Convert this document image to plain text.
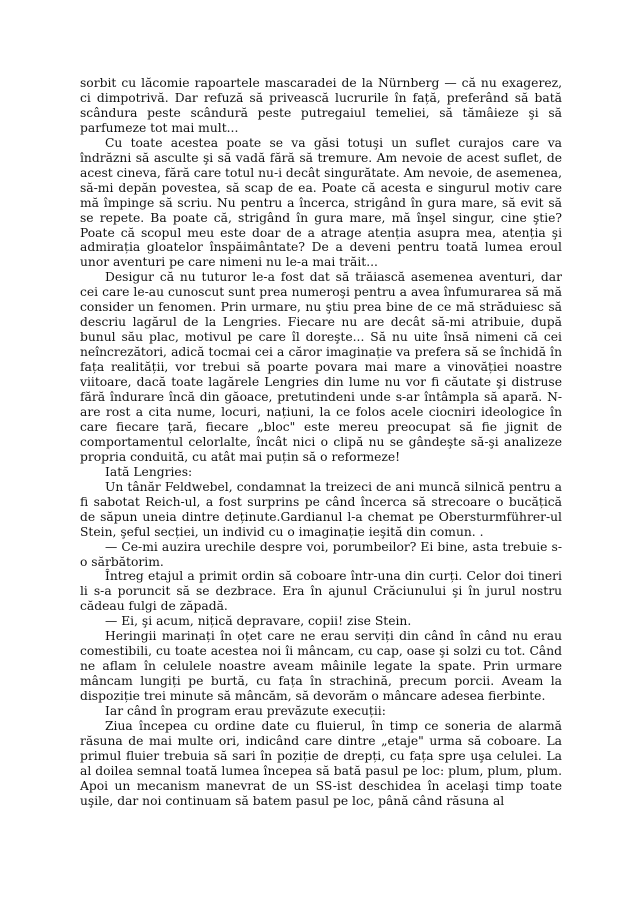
sorbit cu lăcomie rapoartele mascaradei de la Nürnberg — că nu exagerez, ci dimpotrivă. Dar refuză să privească lucrurile în față, preferând să bată scândura peste scândură peste putregaiul temeliei, să tămâieze şi să parfumeze tot mai mult...

Cu toate acestea poate se va găsi totuşi un suflet curajos care va îndrăzni să asculte şi să vadă fără să tremure. Am nevoie de acest suflet, de acest cineva, fără care totul nu-i decât singurătate. Am nevoie, de asemenea, să-mi depăn povestea, să scap de ea. Poate că acesta e singurul motiv care mă împinge să scriu. Nu pentru a încerca, strigând în gura mare, să evit să se repete. Ba poate că, strigând în gura mare, mă înşel singur, cine ştie? Poate că scopul meu este doar de a atrage atenția asupra mea, atenția şi admirația gloatelor înspăimântate? De a deveni pentru toată lumea eroul unor aventuri pe care nimeni nu le-a mai trăit...

Desigur că nu tuturor le-a fost dat să trăiască asemenea aventuri, dar cei care le-au cunoscut sunt prea numeroşi pentru a avea înfumurarea să mă consider un fenomen. Prin urmare, nu ştiu prea bine de ce mă străduiesc să descriu lagărul de la Lengries. Fiecare nu are decât să-mi atribuie, după bunul său plac, motivul pe care îl doreşte... Să nu uite însă nimeni că cei neîncrezători, adică tocmai cei a căror imaginație va prefera să se închidă în fața realității, vor trebui să poarte povara mai mare a vinovăției noastre viitoare, dacă toate lagărele Lengries din lume nu vor fi căutate şi distruse fără îndurare încă din găoace, pretutindeni unde s-ar întâmpla să apară. N-are rost a cita nume, locuri, națiuni, la ce folos acele ciocniri ideologice în care fiecare țară, fiecare „bloc" este mereu preocupat să fie jignit de comportamentul celorlalte, încât nici o clipă nu se gândeşte să-şi analizeze propria conduită, cu atât mai puțin să o reformeze!

Iată Lengries:

Un tânăr Feldwebel, condamnat la treizeci de ani muncă silnică pentru a fi sabotat Reich-ul, a fost surprins pe când încerca să strecoare o bucățică de săpun uneia dintre deținute.Gardianul l-a chemat pe Obersturmführer-ul Stein, şeful secției, un individ cu o imaginație ieşită din comun. .

— Ce-mi auzira urechile despre voi, porumbeilor? Ei bine, asta trebuie s-o sărbătorim.

Întreg etajul a primit ordin să coboare într-una din curți. Celor doi tineri li s-a poruncit să se dezbrace. Era în ajunul Crăciunului şi în jurul nostru cădeau fulgi de zăpadă.

— Ei, şi acum, nițică depravare, copii! zise Stein.

Heringii marinați în oțet care ne erau serviți din când în când nu erau comestibili, cu toate acestea noi îi mâncam, cu cap, oase şi solzi cu tot. Când ne aflam în celulele noastre aveam mâinile legate la spate. Prin urmare mâncam lungiți pe burtă, cu fața în strachină, precum porcii. Aveam la dispoziție trei minute să mâncăm, să devorăm o mâncare adesea fierbinte.

Iar când în program erau prevăzute execuții:

Ziua începea cu ordine date cu fluierul, în timp ce soneria de alarmă răsuna de mai multe ori, indicând care dintre „etaje" urma să coboare. La primul fluier trebuia să sari în poziție de drepți, cu fața spre uşa celulei. La al doilea semnal toată lumea începea să bată pasul pe loc: plum, plum, plum. Apoi un mecanism manevrat de un SS-ist deschidea în acelaşi timp toate uşile, dar noi continuam să batem pasul pe loc, până când răsuna al
